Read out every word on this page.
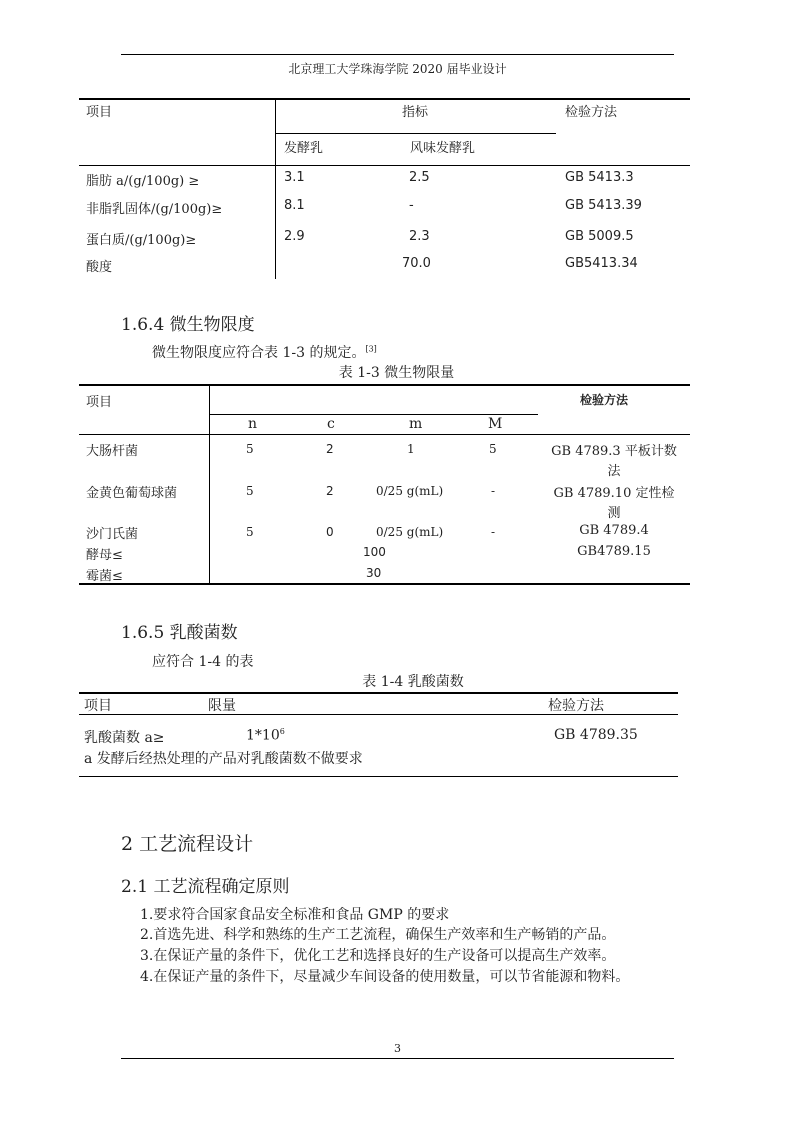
北京理工大学珠海学院 2020 届毕业设计
项目	指标	检验方法
发酵乳	风味发酵乳
脂肪 a/(g/100g) ≥	3.1	2.5	GB 5413.3
非脂乳固体/(g/100g)≥	8.1	-	GB 5413.39
蛋白质/(g/100g)≥	2.9	2.3	GB 5009.5
酸度	70.0	GB5413.34
1.6.4 微生物限度
微生物限度应符合表 1-3 的规定。[3]
表 1-3 微生物限量
项目	检验方法
n	c	m	M
大肠杆菌	5	2	1	5	GB 4789.3 平板计数
法
金黄色葡萄球菌	5	2	0/25 g(mL)	-	GB 4789.10 定性检
测
沙门氏菌	5	0	0/25 g(mL)	-	GB 4789.4
酵母≤	100	GB4789.15
霉菌≤	30
1.6.5 乳酸菌数
应符合 1-4 的表
表 1-4 乳酸菌数
项目	限量	检验方法
乳酸菌数 a≥	$1*10^6$	GB 4789.35
a 发酵后经热处理的产品对乳酸菌数不做要求
2 工艺流程设计
2.1 工艺流程确定原则
1.要求符合国家食品安全标准和食品 GMP 的要求
2.首选先进、科学和熟练的生产工艺流程，确保生产效率和生产畅销的产品。
3.在保证产量的条件下，优化工艺和选择良好的生产设备可以提高生产效率。
4.在保证产量的条件下，尽量减少车间设备的使用数量，可以节省能源和物料。
3
